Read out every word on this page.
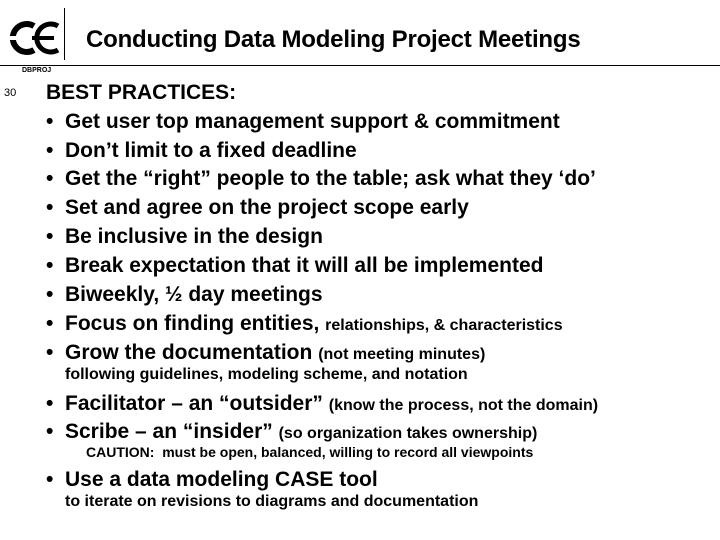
Conducting Data Modeling Project Meetings
DBPROJ
30 BEST PRACTICES:
• Get user top management support & commitment
• Don’t limit to a fixed deadline
• Get the “right” people to the table; ask what they ‘do’
• Set and agree on the project scope early
• Be inclusive in the design
• Break expectation that it will all be implemented
• Biweekly, ½ day meetings
• Focus on finding entities, relationships, & characteristics
• Grow the documentation (not meeting minutes)
following guidelines, modeling scheme, and notation
• Facilitator – an “outsider” (know the process, not the domain)
• Scribe – an “insider” (so organization takes ownership)
CAUTION: must be open, balanced, willing to record all viewpoints
• Use a data modeling CASE tool
to iterate on revisions to diagrams and documentation
